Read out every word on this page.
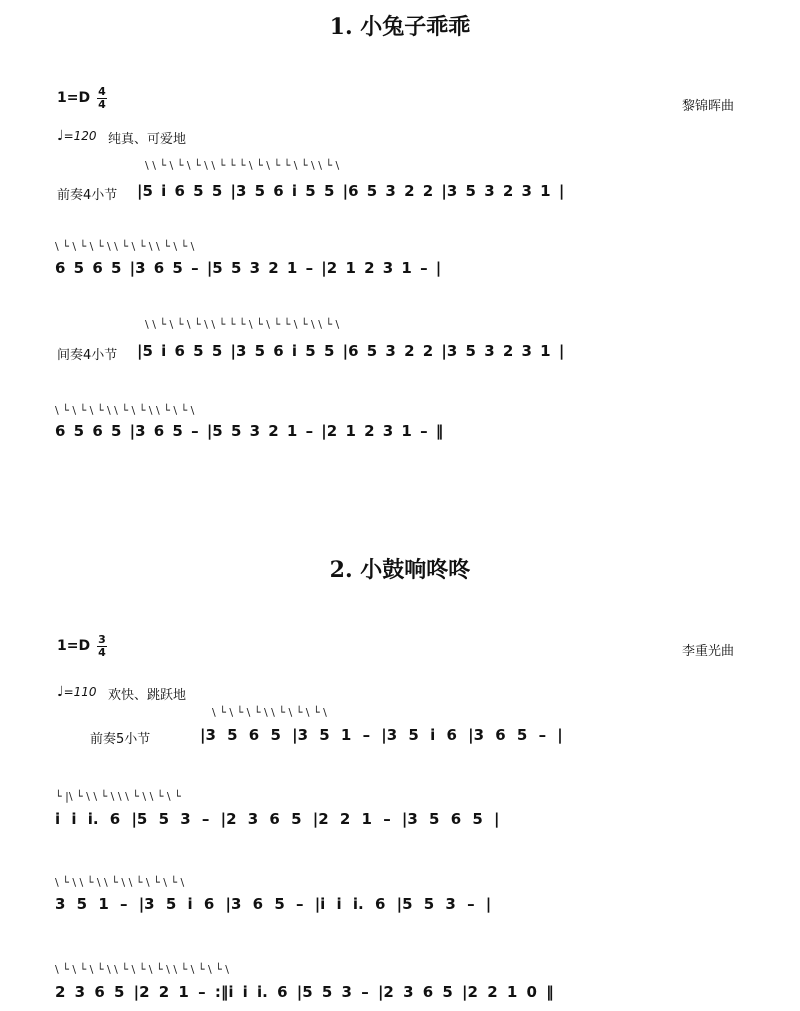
1. 小兔子乖乖
1=D 4
4	黎锦晖曲
♩=120 纯真、可爱地
\ \ └ \ └ \ └ \ \ └ └ └ \ └ \ └ └ \ └ \ \ └ \
前奏4小节 |5 i 6 5 5 |3 5 6 i 5 5 |6 5 3 2 2 |3 5 3 2 3 1 |
\ └ \ └ \ └ \ \ └ \ └ \ \ └ \ └ \
6 5 6 5 |3 6 5 – |5 5 3 2 1 – |2 1 2 3 1 – |
\ \ └ \ └ \ └ \ \ └ └ └ \ └ \ └ └ \ └ \ \ └ \
间奏4小节 |5 i 6 5 5 |3 5 6 i 5 5 |6 5 3 2 2 |3 5 3 2 3 1 |
\ └ \ └ \ └ \ \ └ \ └ \ \ └ \ └ \
6 5 6 5 |3 6 5 – |5 5 3 2 1 – |2 1 2 3 1 – ‖
2. 小鼓响咚咚
1=D 3
4	李重光曲
♩=110 欢快、跳跃地
\ └ \ └ \ └ \ \ └ \ └ \ └ \
前奏5小节	|3 5 6 5 |3 5 1 – |3 5 i 6 |3 6 5 – |
└ |\ └ \ \ └ \ \ \ └ \ \ └ \ └
i i i. 6 |5 5 3 – |2 3 6 5 |2 2 1 – |3 5 6 5 |
\ └ \ \ └ \ \ └ \ \ └ \ └ \ └ \
3 5 1 – |3 5 i 6 |3 6 5 – |i i i. 6 |5 5 3 – |
\ └ \ └ \ └ \ \ └ \ └ \ └ \ \ └ \ └ \ └ \
2 3 6 5 |2 2 1 – :‖i i i. 6 |5 5 3 – |2 3 6 5 |2 2 1 0 ‖
